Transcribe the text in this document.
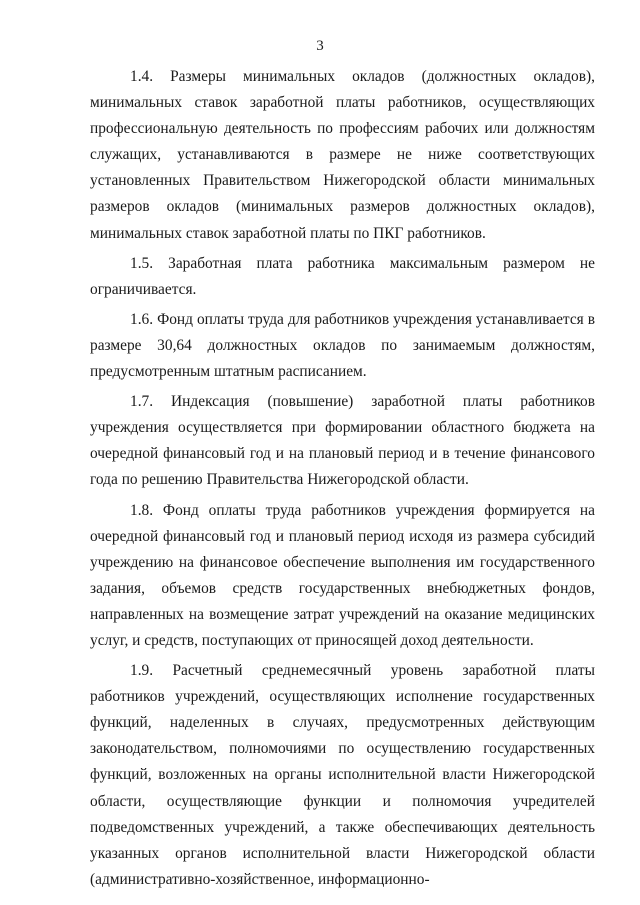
3

1.4. Размеры минимальных окладов (должностных окладов), минимальных ставок заработной платы работников, осуществляющих профессиональную деятельность по профессиям рабочих или должностям служащих, устанавливаются в размере не ниже соответствующих установленных Правительством Нижегородской области минимальных размеров окладов (минимальных размеров должностных окладов), минимальных ставок заработной платы по ПКГ работников.

1.5. Заработная плата работника максимальным размером не ограничивается.

1.6. Фонд оплаты труда для работников учреждения устанавливается в размере 30,64 должностных окладов по занимаемым должностям, предусмотренным штатным расписанием.

1.7. Индексация (повышение) заработной платы работников учреждения осуществляется при формировании областного бюджета на очередной финансовый год и на плановый период и в течение финансового года по решению Правительства Нижегородской области.

1.8. Фонд оплаты труда работников учреждения формируется на очередной финансовый год и плановый период исходя из размера субсидий учреждению на финансовое обеспечение выполнения им государственного задания, объемов средств государственных внебюджетных фондов, направленных на возмещение затрат учреждений на оказание медицинских услуг, и средств, поступающих от приносящей доход деятельности.

1.9. Расчетный среднемесячный уровень заработной платы работников учреждений, осуществляющих исполнение государственных функций, наделенных в случаях, предусмотренных действующим законодательством, полномочиями по осуществлению государственных функций, возложенных на органы исполнительной власти Нижегородской области, осуществляющие функции и полномочия учредителей подведомственных учреждений, а также обеспечивающих деятельность указанных органов исполнительной власти Нижегородской области (административно-хозяйственное, информационно-
